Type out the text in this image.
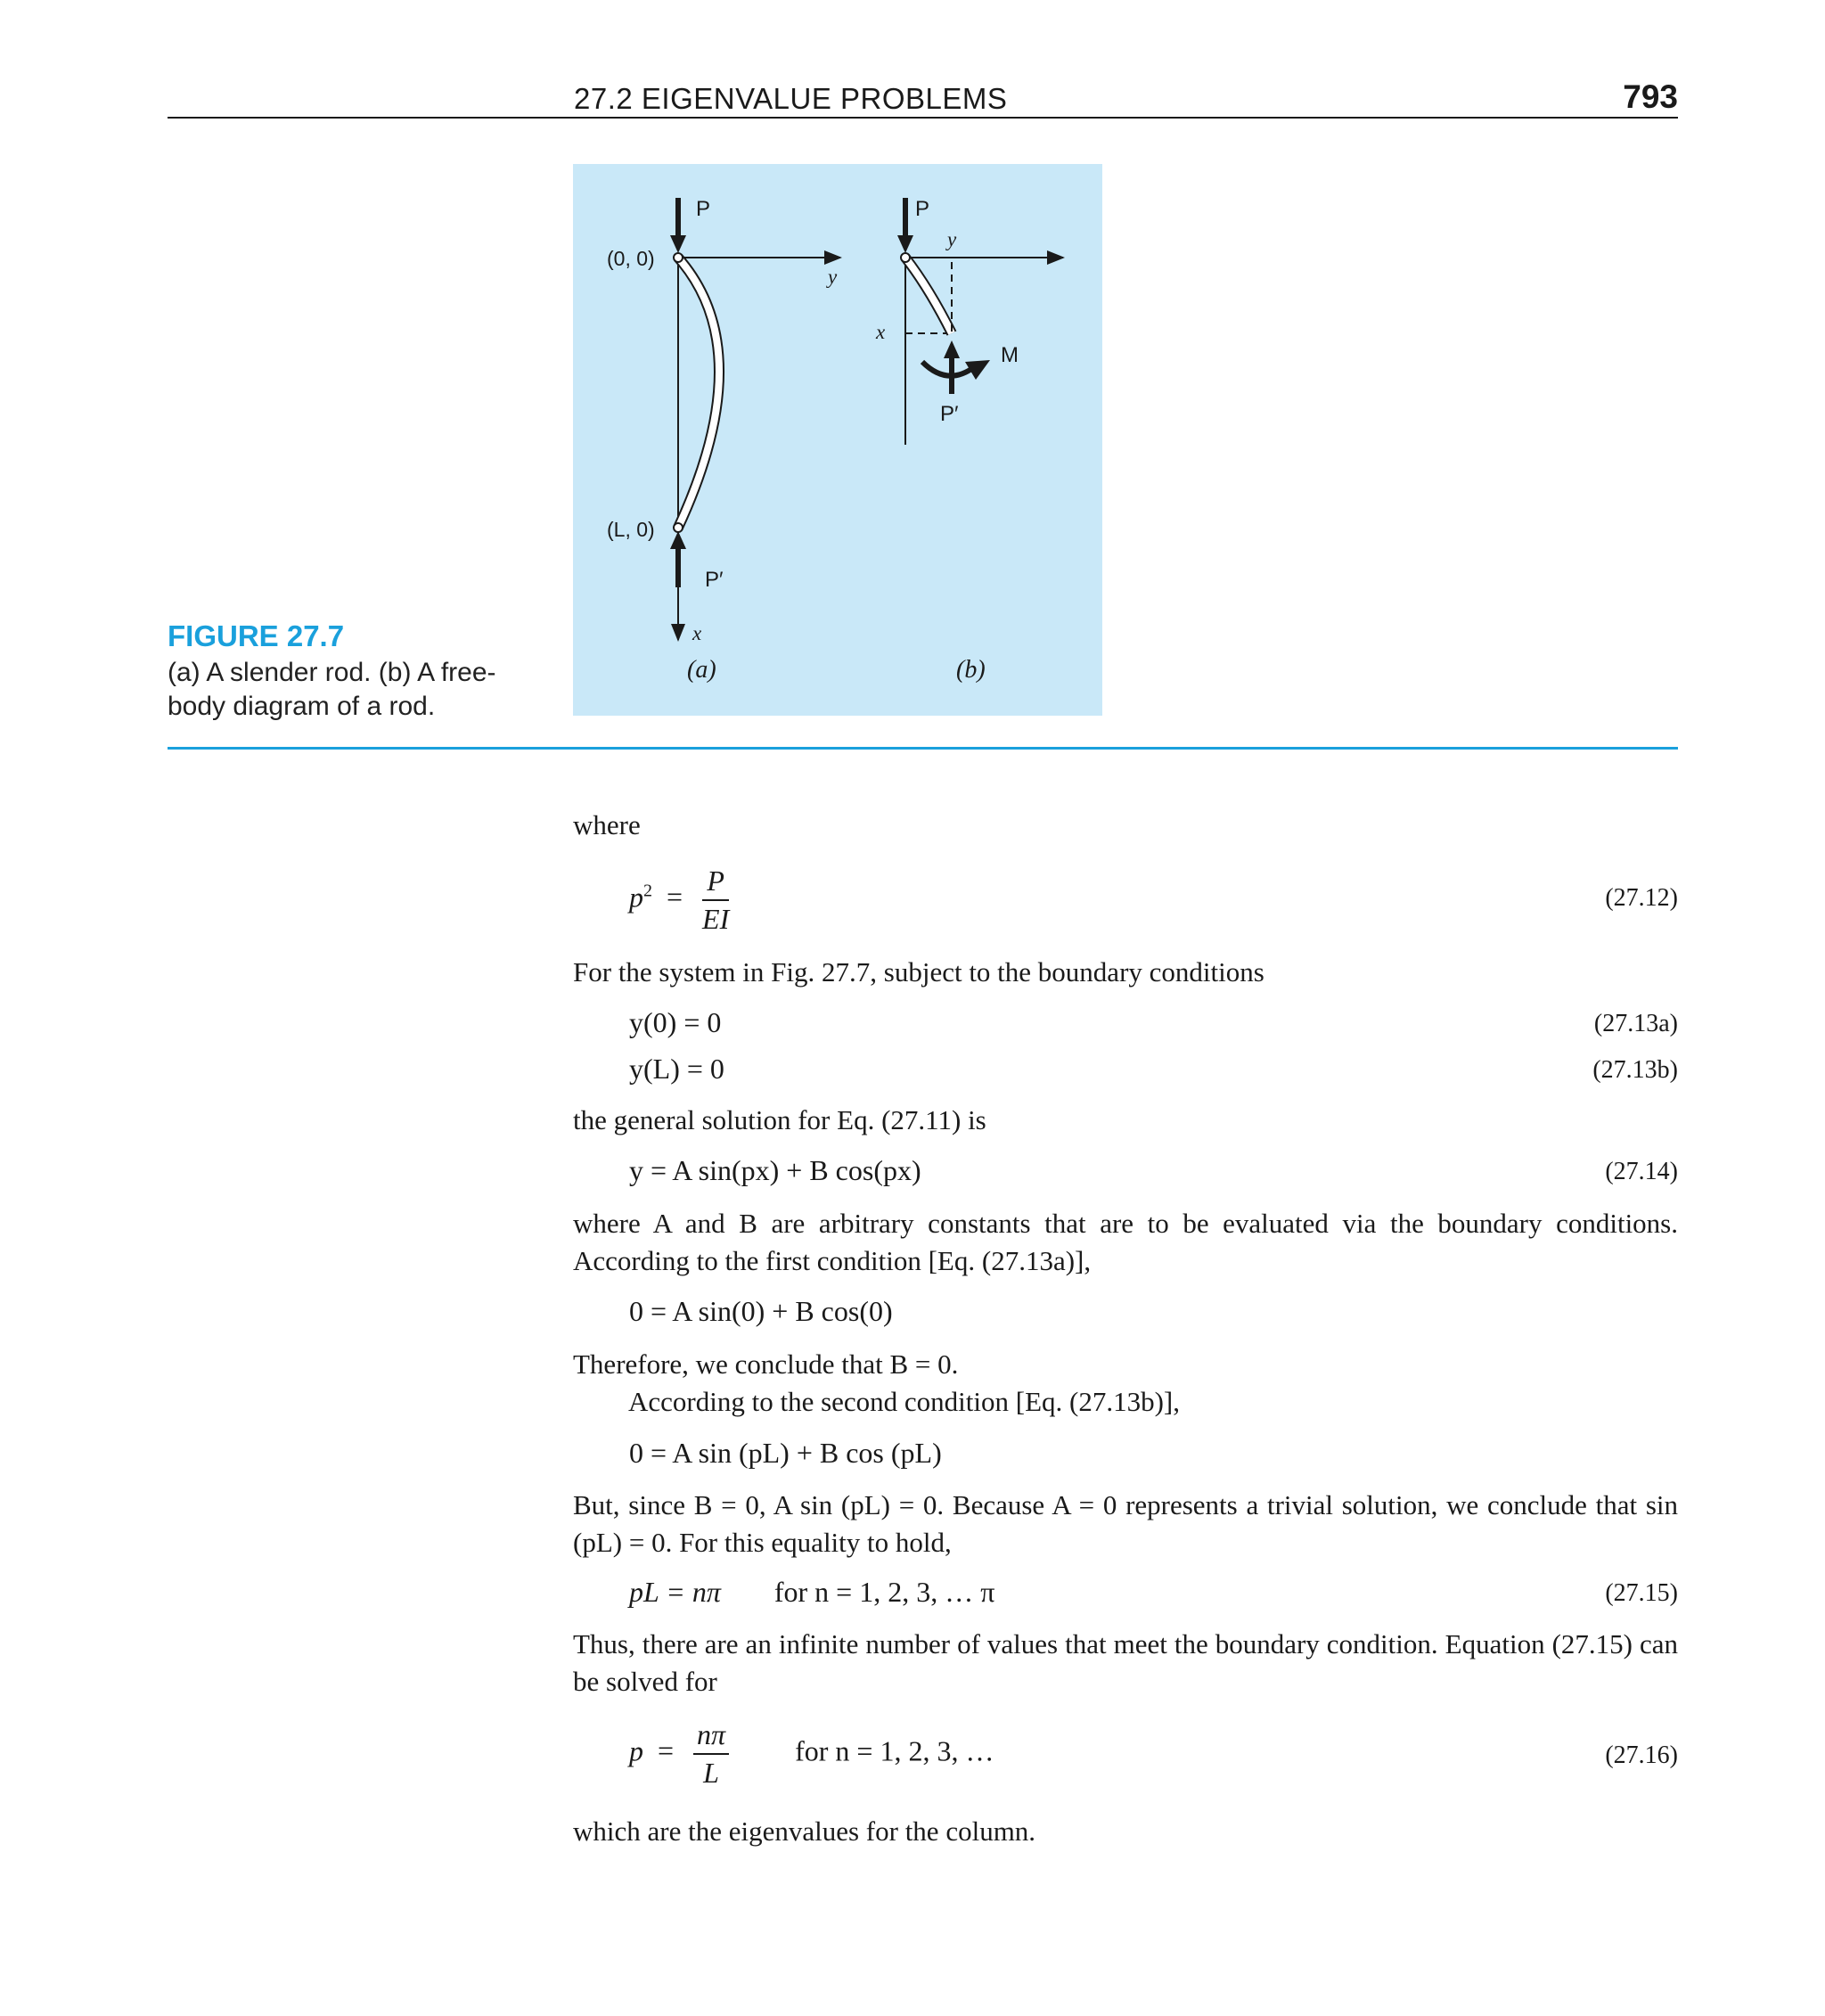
27.2 EIGENVALUE PROBLEMS	793
P
(0, 0)
y
(L, 0)
P′
x
(a)
P
y
x
M
P′
(b)
FIGURE 27.7
(a) A slender rod. (b) A free-body diagram of a rod.
where
$p^2 = \frac{P}{EI}$	(27.12)
For the system in Fig. 27.7, subject to the boundary conditions
y(0) = 0	(27.13a)
y(L) = 0	(27.13b)
the general solution for Eq. (27.11) is
y = A sin(px) + B cos(px)	(27.14)
where A and B are arbitrary constants that are to be evaluated via the boundary conditions. According to the first condition [Eq. (27.13a)],
0 = A sin(0) + B cos(0)
Therefore, we conclude that B = 0.
According to the second condition [Eq. (27.13b)],
0 = A sin (pL) + B cos (pL)
But, since B = 0, A sin (pL) = 0. Because A = 0 represents a trivial solution, we conclude that sin (pL) = 0. For this equality to hold,
pL = nπ for n = 1, 2, 3, … π	(27.15)
Thus, there are an infinite number of values that meet the boundary condition. Equation (27.15) can be solved for
$p = \frac{n\pi}{L}$ for n = 1, 2, 3, …	(27.16)
which are the eigenvalues for the column.
